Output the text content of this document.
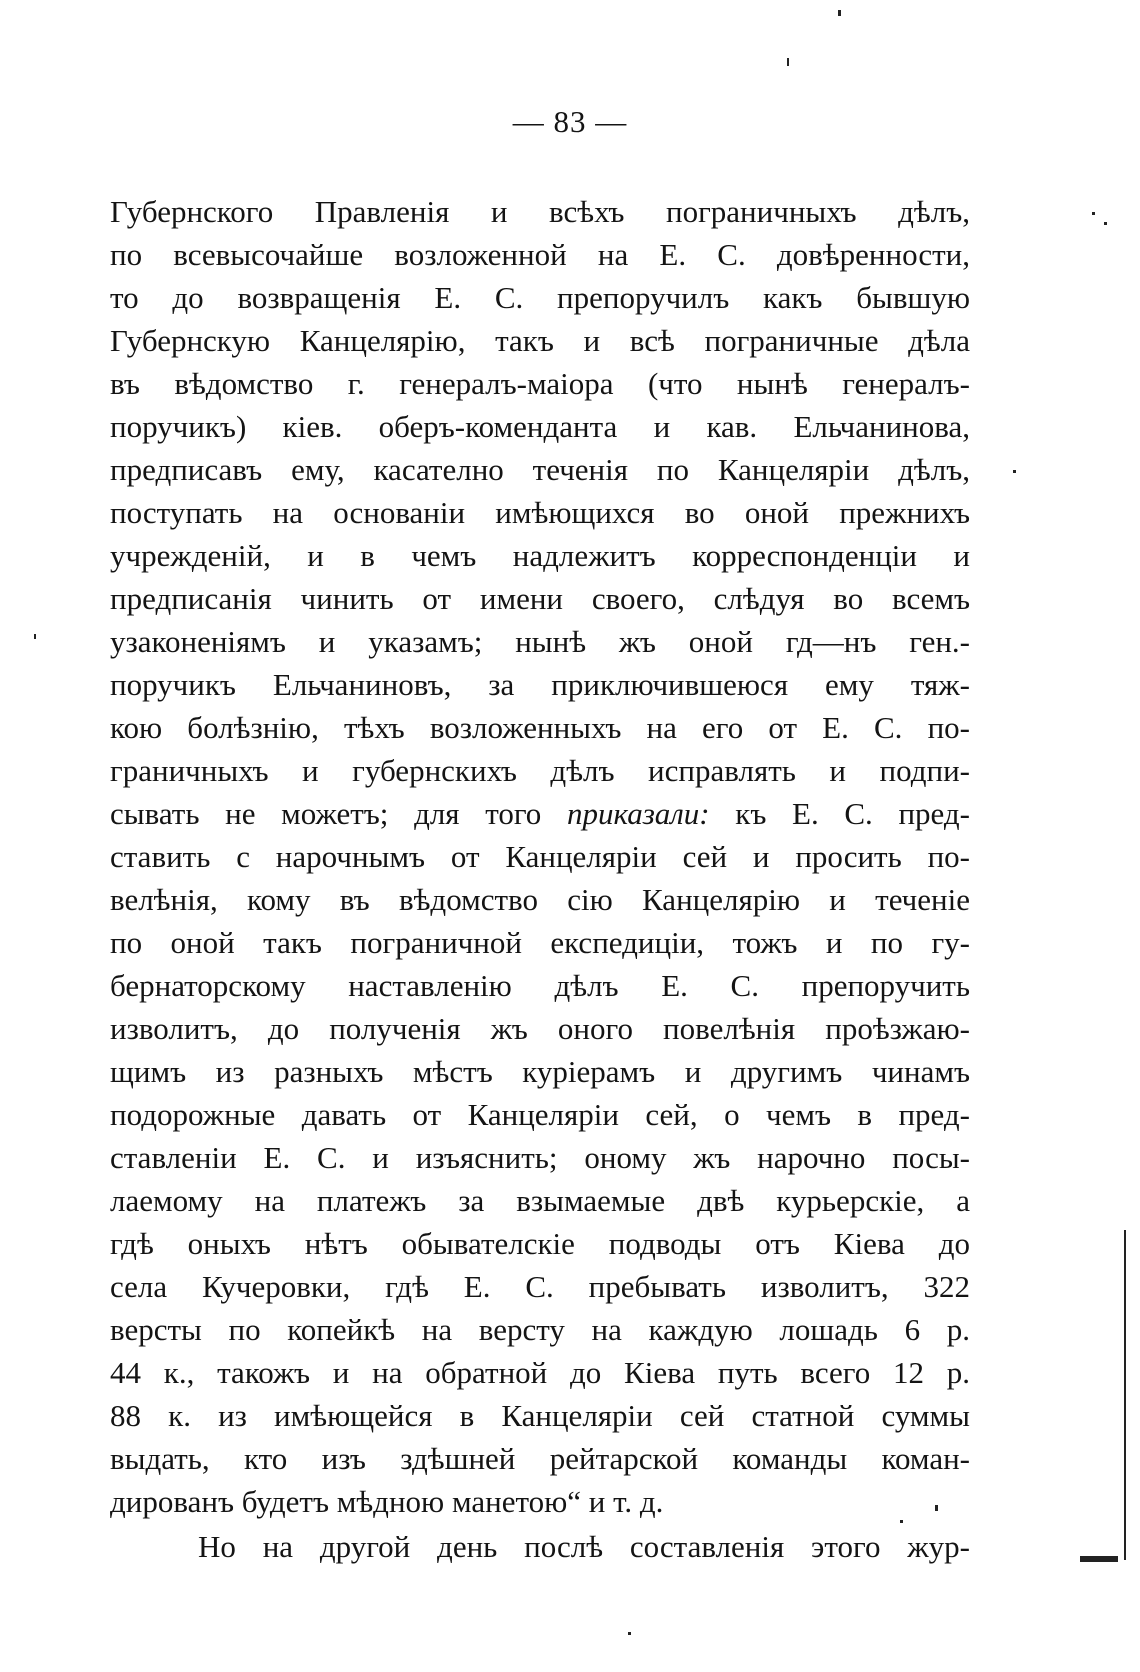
— 83 —
Губернского Правленія и всѣхъ пограничныхъ дѣлъ,
по всевысочайше возложенной на Е. С. довѣренности,
то до возвращенія Е. С. препоручилъ какъ бывшую
Губернскую Канцелярію, такъ и всѣ пограничные дѣла
въ вѣдомство г. генералъ-маіора (что нынѣ генералъ-
поручикъ) кіев. оберъ-коменданта и кав. Ельчанинова,
предписавъ ему, касателно теченія по Канцеляріи дѣлъ,
поступать на основаніи имѣющихся во оной прежнихъ
учрежденій, и в чемъ надлежитъ корреспонденціи и
предписанія чинить от имени своего, слѣдуя во всемъ
узаконеніямъ и указамъ; нынѣ жъ оной гд—нъ ген.-
поручикъ Ельчаниновъ, за приключившеюся ему тяж-
кою болѣзнію, тѣхъ возложенныхъ на его от Е. С. по-
граничныхъ и губернскихъ дѣлъ исправлять и подпи-
сывать не можетъ; для того приказали: къ Е. С. пред-
ставить с нарочнымъ от Канцеляріи сей и просить по-
велѣнія, кому въ вѣдомство сію Канцелярію и теченіе
по оной такъ пограничной експедиціи, тожъ и по гу-
бернаторскому наставленію дѣлъ Е. С. препоручить
изволитъ, до полученія жъ оного повелѣнія проѣзжаю-
щимъ из разныхъ мѣстъ куріерамъ и другимъ чинамъ
подорожные давать от Канцеляріи сей, о чемъ в пред-
ставленіи Е. С. и изъяснить; оному жъ нарочно посы-
лаемому на платежъ за взымаемые двѣ курьерскіе, а
гдѣ оныхъ нѣтъ обывателскіе подводы отъ Кіева до
села Кучеровки, гдѣ Е. С. пребывать изволитъ, 322
версты по копейкѣ на версту на каждую лошадь 6 р.
44 к., такожъ и на обратной до Кіева путь всего 12 р.
88 к. из имѣющейся в Канцеляріи сей статной суммы
выдать, кто изъ здѣшней рейтарской команды коман-
дированъ будетъ мѣдною манетою“ и т. д.
Но на другой день послѣ составленія этого жур-
